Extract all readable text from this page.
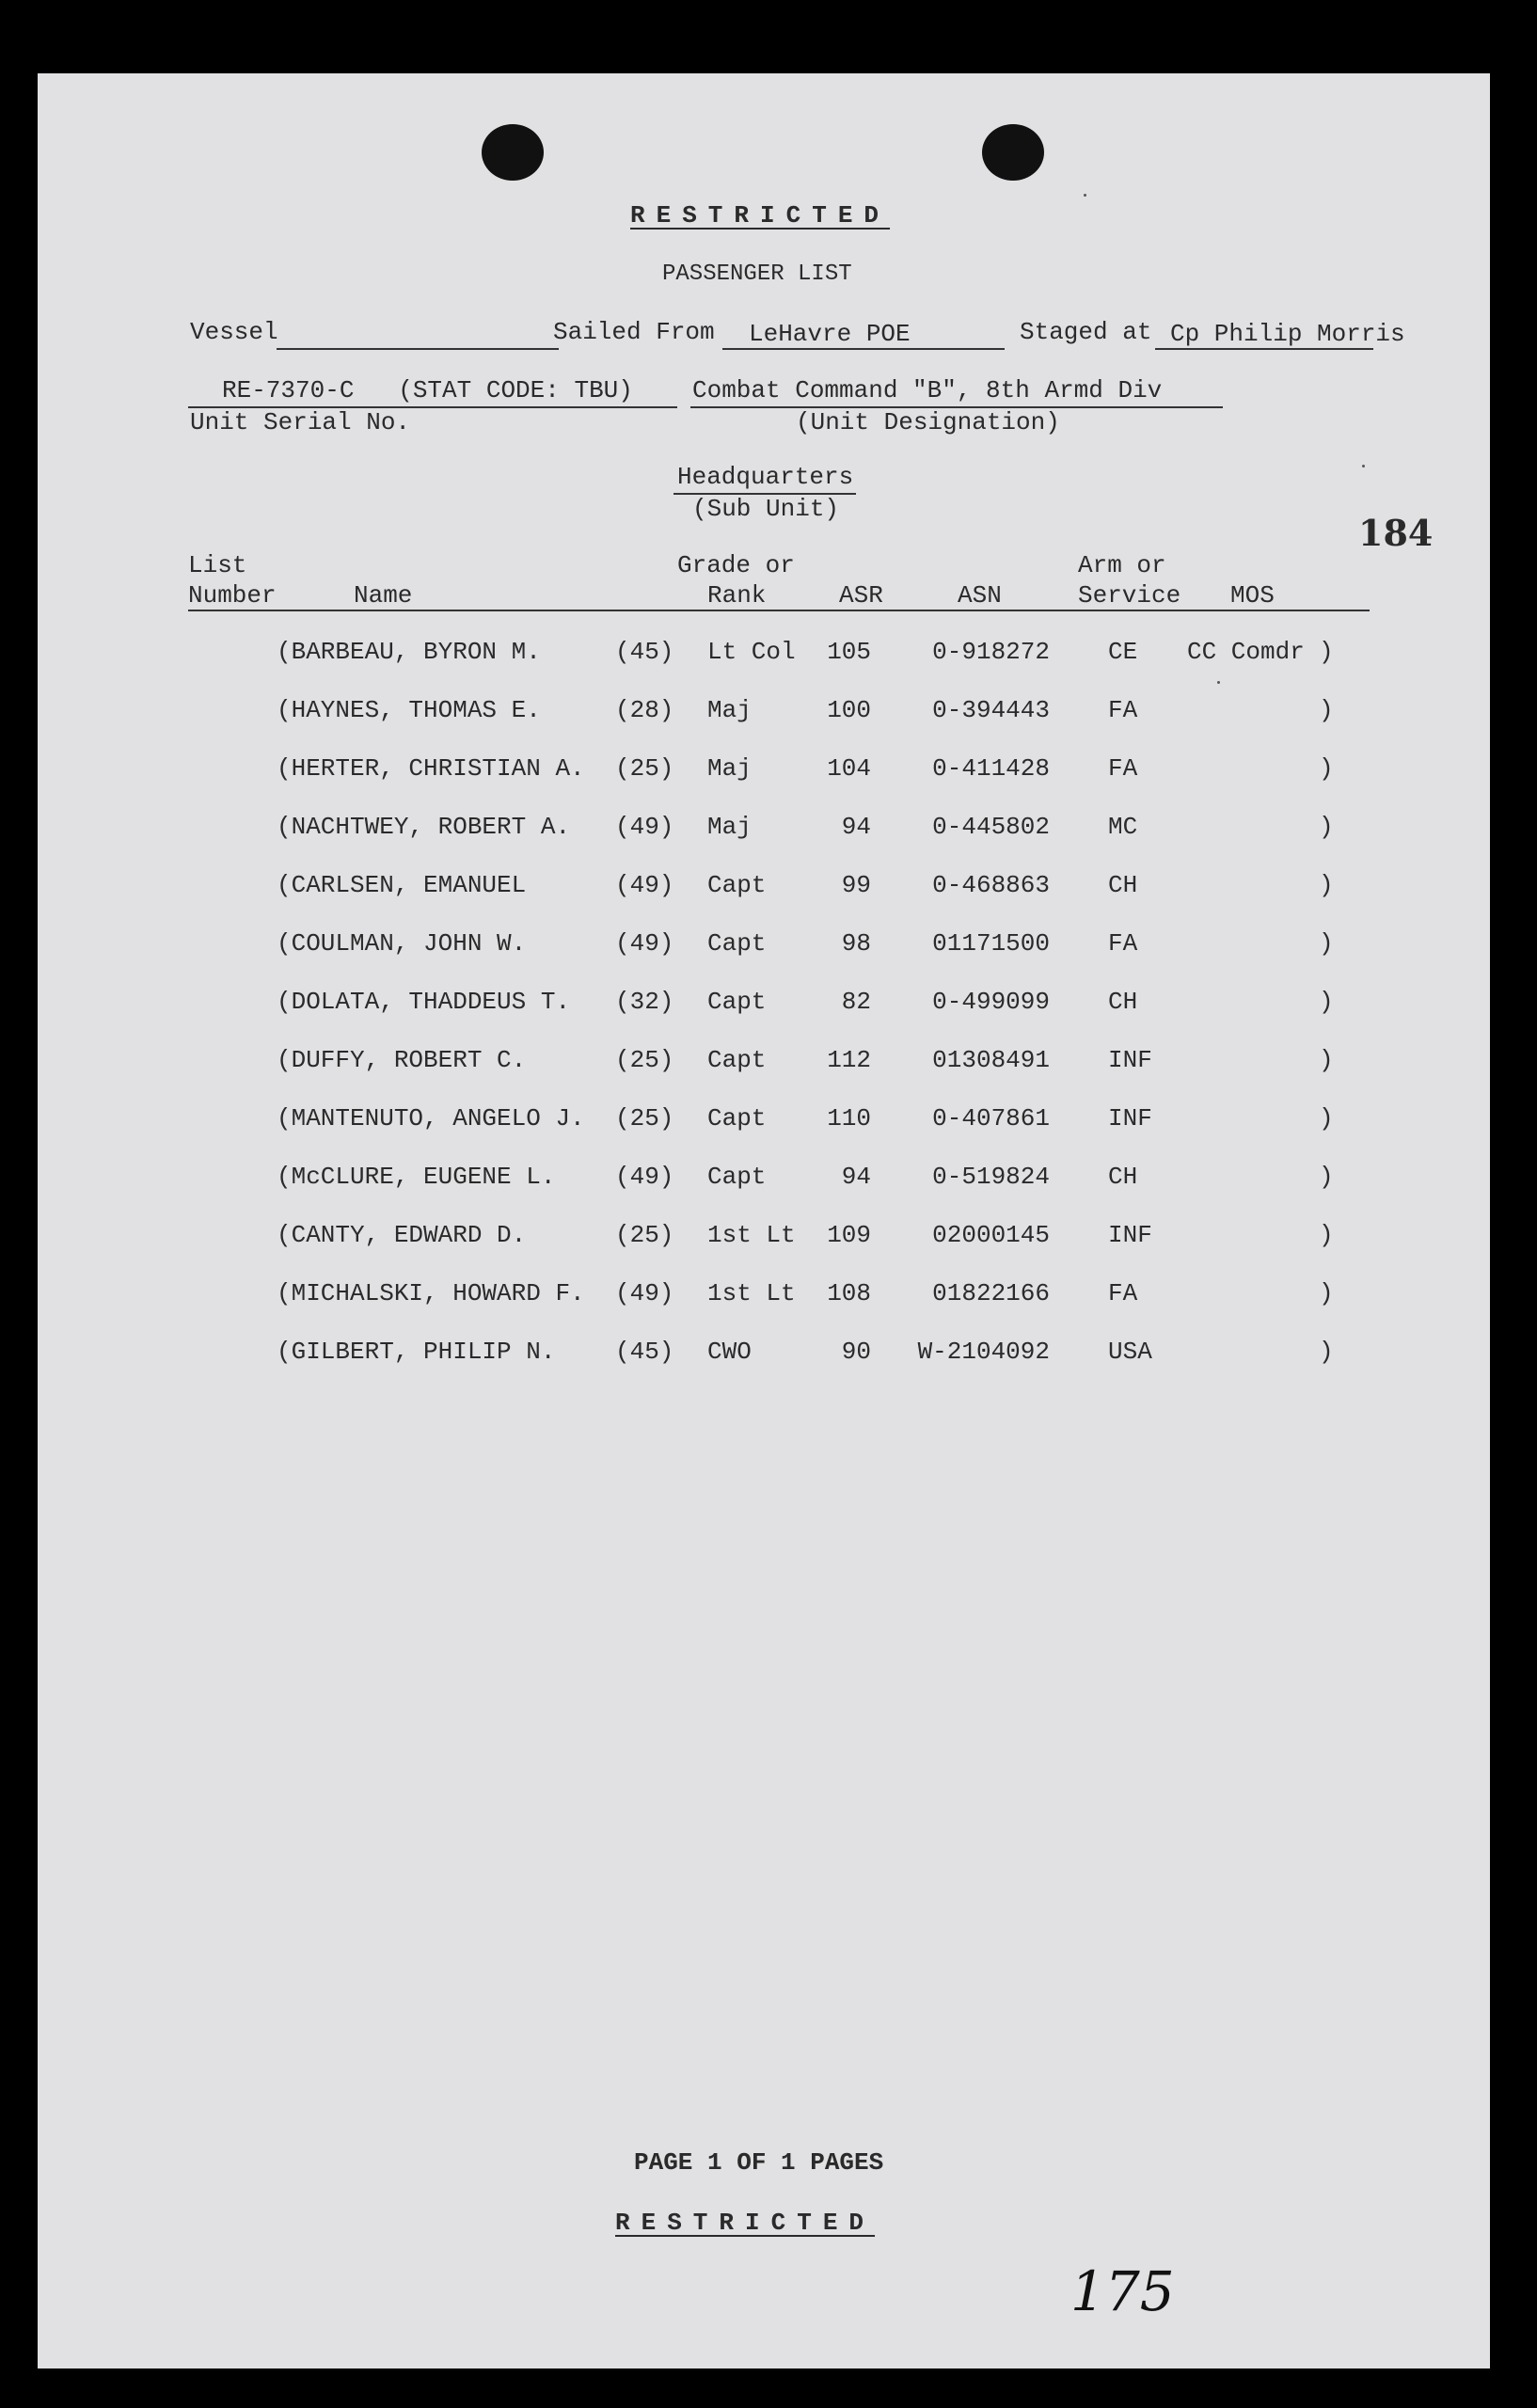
RESTRICTED
PASSENGER LIST
Vessel	Sailed From LeHavre POE	Staged at Cp Philip Morris
RE-7370-C   (STAT CODE: TBU)
Unit Serial No.
Combat Command "B", 8th Armd Div
(Unit Designation)
Headquarters
(Sub Unit)
184
List
Number	Name
Grade or
Rank	ASR	ASN
Arm or
Service MOS
(BARBEAU, BYRON M.	(45) Lt Col	105	0-918272 CE CC Comdr )
(HAYNES, THOMAS E.	(28) Maj	100	0-394443 FA	)
(HERTER, CHRISTIAN A. (25) Maj	104	0-411428 FA	)
(NACHTWEY, ROBERT A. (49) Maj	94	0-445802 MC	)
(CARLSEN, EMANUEL	(49) Capt	99	0-468863 CH	)
(COULMAN, JOHN W.	(49) Capt	98	01171500 FA	)
(DOLATA, THADDEUS T. (32) Capt	82	0-499099 CH	)
(DUFFY, ROBERT C.	(25) Capt	112	01308491 INF	)
(MANTENUTO, ANGELO J. (25) Capt	110	0-407861 INF	)
(McCLURE, EUGENE L. (49) Capt	94	0-519824 CH	)
(CANTY, EDWARD D.	(25) 1st Lt	109	02000145 INF	)
(MICHALSKI, HOWARD F. (49) 1st Lt	108	01822166 FA	)
(GILBERT, PHILIP N. (45) CWO	90	W-2104092 USA	)
PAGE 1 OF 1 PAGES
RESTRICTED
175
